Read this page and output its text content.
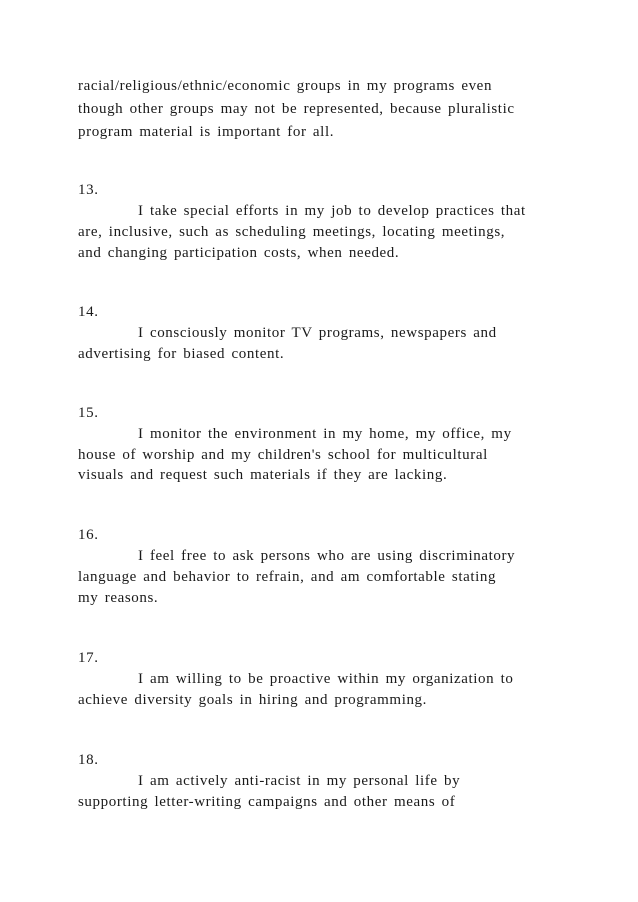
racial/religious/ethnic/economic groups in my programs even
though other groups may not be represented, because pluralistic
program material is important for all.
13.
I take special efforts in my job to develop practices that
are, inclusive, such as scheduling meetings, locating meetings,
and changing participation costs, when needed.
14.
I consciously monitor TV programs, newspapers and
advertising for biased content.
15.
I monitor the environment in my home, my office, my
house of worship and my children's school for multicultural
visuals and request such materials if they are lacking.
16.
I feel free to ask persons who are using discriminatory
language and behavior to refrain, and am comfortable stating
my reasons.
17.
I am willing to be proactive within my organization to
achieve diversity goals in hiring and programming.
18.
I am actively anti-racist in my personal life by
supporting letter-writing campaigns and other means of
